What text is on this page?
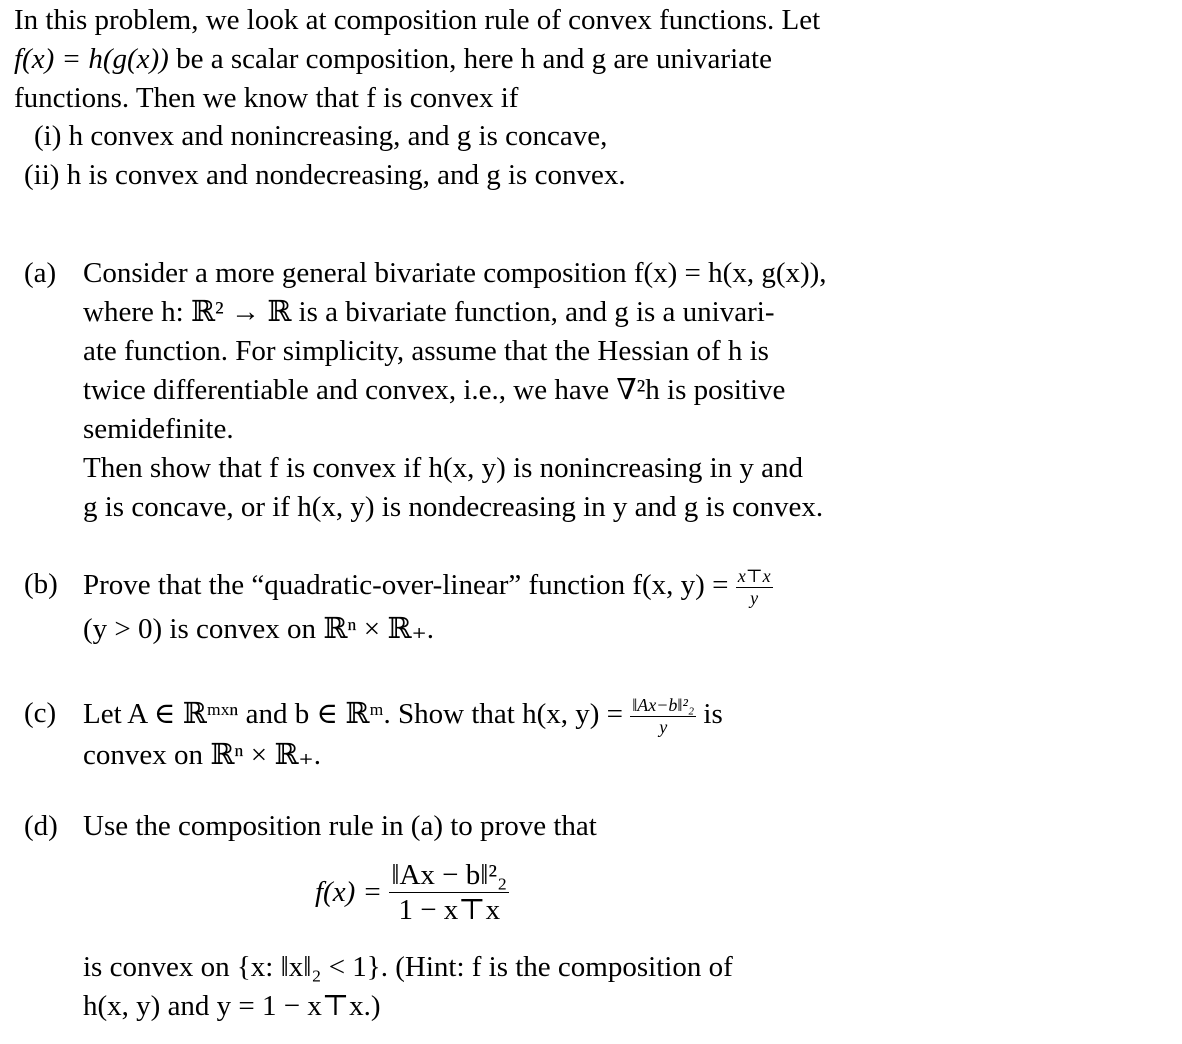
In this problem, we look at composition rule of convex functions. Let
f(x) = h(g(x)) be a scalar composition, here h and g are univariate
functions. Then we know that f is convex if
(i) h convex and nonincreasing, and g is concave,
(ii) h is convex and nondecreasing, and g is convex.
(a) Consider a more general bivariate composition f(x) = h(x, g(x)),
where h: ℝ² → ℝ is a bivariate function, and g is a univari-
ate function. For simplicity, assume that the Hessian of h is
twice differentiable and convex, i.e., we have ∇²h is positive
semidefinite.
Then show that f is convex if h(x, y) is nonincreasing in y and
g is concave, or if h(x, y) is nondecreasing in y and g is convex.
(b) Prove that the “quadratic-over-linear” function f(x, $y) = \frac{x⊤x}{y}$
(y > 0) is convex on ℝⁿ × ℝ₊.
(c) Let A ∈ ℝᵐˣⁿ and b ∈ ℝᵐ. Show that h(x, $y) = \frac{\text{‖Ax−b‖²₂}}{y}$ is
convex on ℝⁿ × ℝ₊.
(d) Use the composition rule in (a) to prove that
$f(x) = \frac{\text{‖Ax − b‖²₂}}{1 - x⊤x}$
is convex on {x: ‖x‖₂ < 1}. (Hint: f is the composition of
h(x, y) and y = 1 − x⊤x.)
